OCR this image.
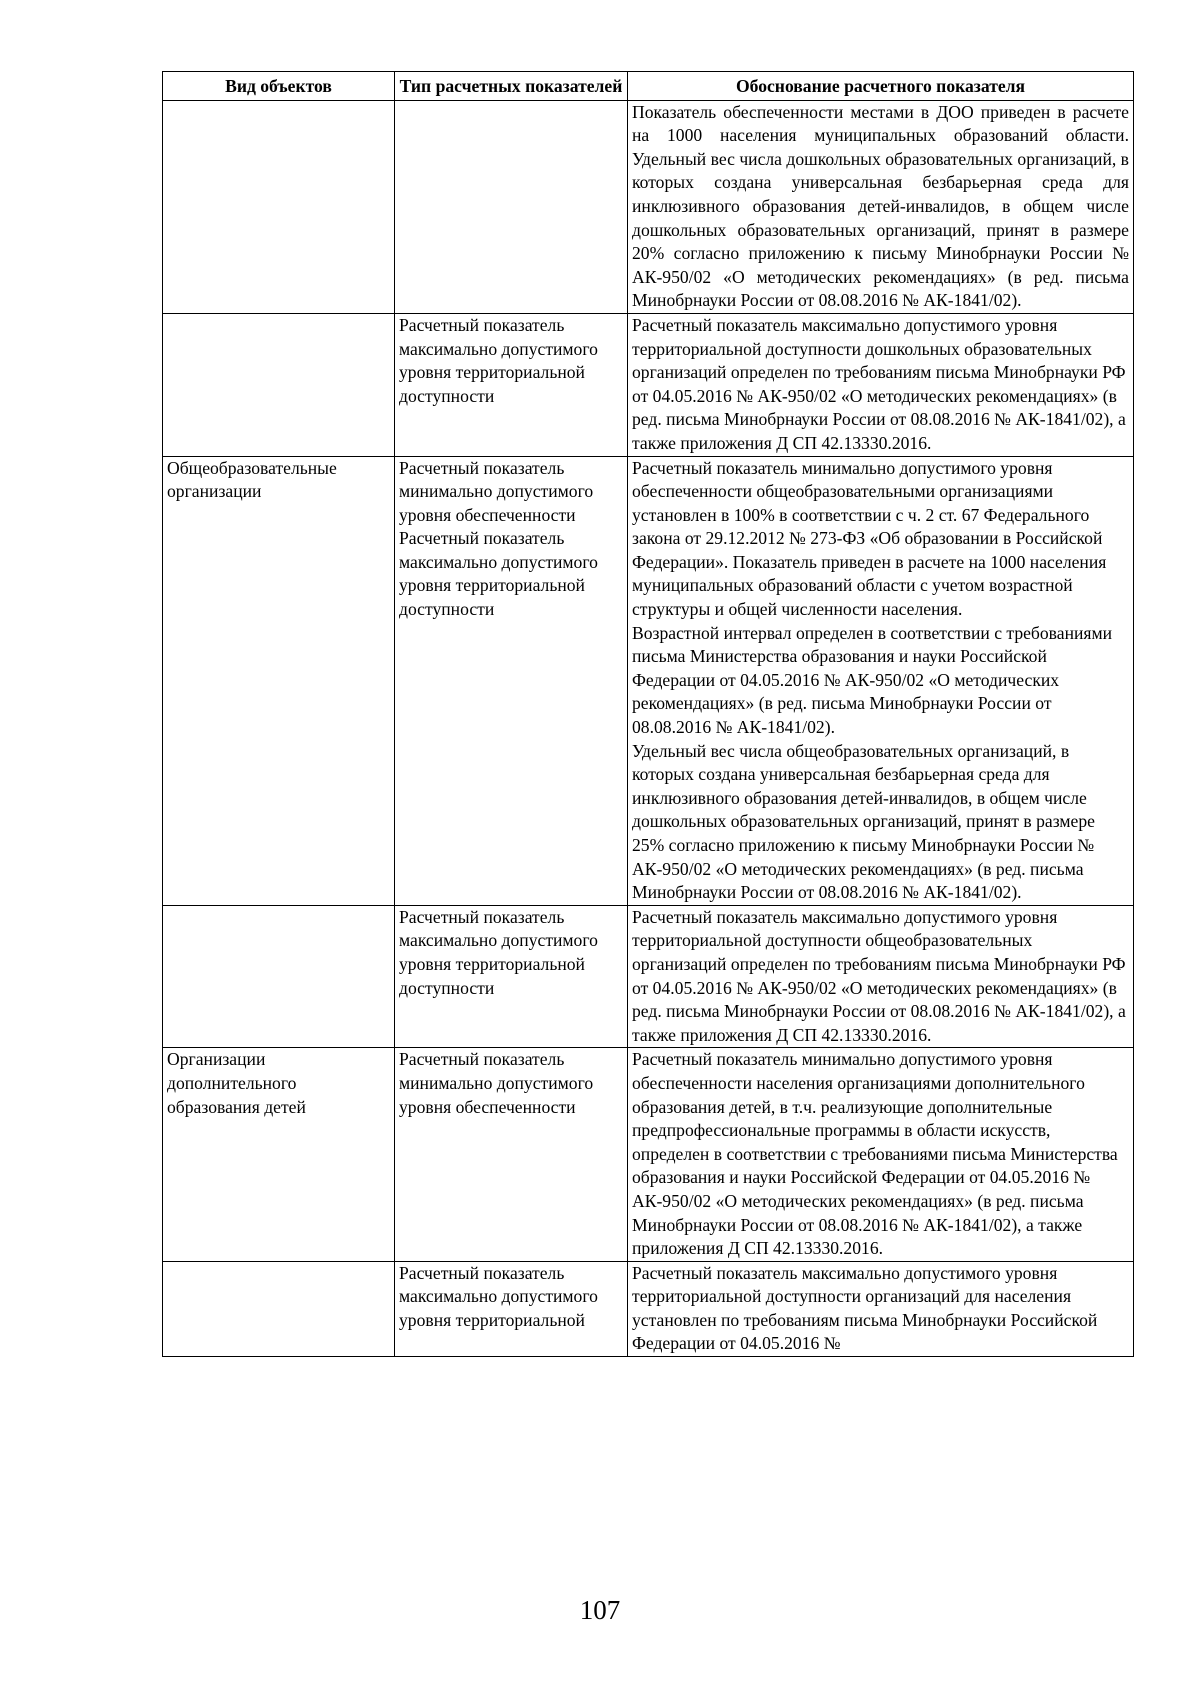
Вид объектов	Тип расчетных показателей	Обоснование расчетного показателя

		Показатель обеспеченности местами в ДОО приведен в расчете на 1000 населения муниципальных образований области. Удельный вес числа дошкольных образовательных организаций, в которых создана универсальная безбарьерная среда для инклюзивного образования детей-инвалидов, в общем числе дошкольных образовательных организаций, принят в размере 20% согласно приложению к письму Минобрнауки России № АК-950/02 «О методических рекомендациях» (в ред. письма Минобрнауки России от 08.08.2016 № АК-1841/02).

	Расчетный показатель максимально допустимого уровня территориальной доступности	Расчетный показатель максимально допустимого уровня территориальной доступности дошкольных образовательных организаций определен по требованиям письма Минобрнауки РФ от 04.05.2016 № АК-950/02 «О методических рекомендациях» (в ред. письма Минобрнауки России от 08.08.2016 № АК-1841/02), а также приложения Д СП 42.13330.2016.

Общеобразовательные организации	Расчетный показатель минимально допустимого уровня обеспеченности Расчетный показатель максимально допустимого уровня территориальной доступности	Расчетный показатель минимально допустимого уровня обеспеченности общеобразовательными организациями установлен в 100% в соответствии с ч. 2 ст. 67 Федерального закона от 29.12.2012 № 273-ФЗ «Об образовании в Российской Федерации». Показатель приведен в расчете на 1000 населения муниципальных образований области с учетом возрастной структуры и общей численности населения.
Возрастной интервал определен в соответствии с требованиями письма Министерства образования и науки Российской Федерации от 04.05.2016 № АК-950/02 «О методических рекомендациях» (в ред. письма Минобрнауки России от 08.08.2016 № АК-1841/02).
Удельный вес числа общеобразовательных организаций, в которых создана универсальная безбарьерная среда для инклюзивного образования детей-инвалидов, в общем числе дошкольных образовательных организаций, принят в размере 25% согласно приложению к письму Минобрнауки России № АК-950/02 «О методических рекомендациях» (в ред. письма Минобрнауки России от 08.08.2016 № АК-1841/02).

	Расчетный показатель максимально допустимого уровня территориальной доступности	Расчетный показатель максимально допустимого уровня территориальной доступности общеобразовательных организаций определен по требованиям письма Минобрнауки РФ от 04.05.2016 № АК-950/02 «О методических рекомендациях» (в ред. письма Минобрнауки России от 08.08.2016 № АК-1841/02), а также приложения Д СП 42.13330.2016.

Организации дополнительного образования детей	Расчетный показатель минимально допустимого уровня обеспеченности	Расчетный показатель минимально допустимого уровня обеспеченности населения организациями дополнительного образования детей, в т.ч. реализующие дополнительные предпрофессиональные программы в области искусств, определен в соответствии с требованиями письма Министерства образования и науки Российской Федерации от 04.05.2016 № АК-950/02 «О методических рекомендациях» (в ред. письма Минобрнауки России от 08.08.2016 № АК-1841/02), а также приложения Д СП 42.13330.2016.

	Расчетный показатель максимально допустимого уровня территориальной	Расчетный показатель максимально допустимого уровня территориальной доступности организаций для населения установлен по требованиям письма Минобрнауки Российской Федерации от 04.05.2016 №
107
